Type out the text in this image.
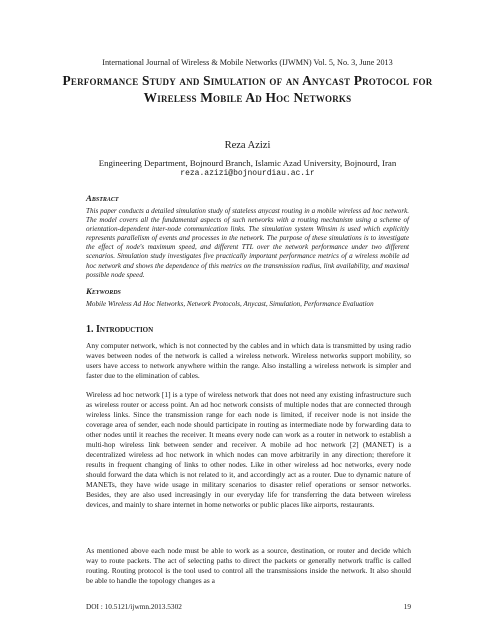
International Journal of Wireless & Mobile Networks (IJWMN) Vol. 5, No. 3, June 2013
Performance Study and Simulation of an Anycast Protocol for Wireless Mobile Ad Hoc Networks
Reza Azizi
Engineering Department, Bojnourd Branch, Islamic Azad University, Bojnourd, Iran
reza.azizi@bojnourdiau.ac.ir
Abstract
This paper conducts a detailed simulation study of stateless anycast routing in a mobile wireless ad hoc network. The model covers all the fundamental aspects of such networks with a routing mechanism using a scheme of orientation-dependent inter-node communication links. The simulation system Winsim is used which explicitly represents parallelism of events and processes in the network. The purpose of these simulations is to investigate the effect of node's maximum speed, and different TTL over the network performance under two different scenarios. Simulation study investigates five practically important performance metrics of a wireless mobile ad hoc network and shows the dependence of this metrics on the transmission radius, link availability, and maximal possible node speed.
Keywords
Mobile Wireless Ad Hoc Networks, Network Protocols, Anycast, Simulation, Performance Evaluation
1. Introduction
Any computer network, which is not connected by the cables and in which data is transmitted by using radio waves between nodes of the network is called a wireless network. Wireless networks support mobility, so users have access to network anywhere within the range. Also installing a wireless network is simpler and faster due to the elimination of cables.
Wireless ad hoc network [1] is a type of wireless network that does not need any existing infrastructure such as wireless router or access point. An ad hoc network consists of multiple nodes that are connected through wireless links. Since the transmission range for each node is limited, if receiver node is not inside the coverage area of sender, each node should participate in routing as intermediate node by forwarding data to other nodes until it reaches the receiver. It means every node can work as a router in network to establish a multi-hop wireless link between sender and receiver. A mobile ad hoc network [2] (MANET) is a decentralized wireless ad hoc network in which nodes can move arbitrarily in any direction; therefore it results in frequent changing of links to other nodes. Like in other wireless ad hoc networks, every node should forward the data which is not related to it, and accordingly act as a router. Due to dynamic nature of MANETs, they have wide usage in military scenarios to disaster relief operations or sensor networks. Besides, they are also used increasingly in our everyday life for transferring the data between wireless devices, and mainly to share internet in home networks or public places like airports, restaurants.
As mentioned above each node must be able to work as a source, destination, or router and decide which way to route packets. The act of selecting paths to direct the packets or generally network traffic is called routing. Routing protocol is the tool used to control all the transmissions inside the network. It also should be able to handle the topology changes as a
DOI : 10.5121/ijwmn.2013.5302	19
